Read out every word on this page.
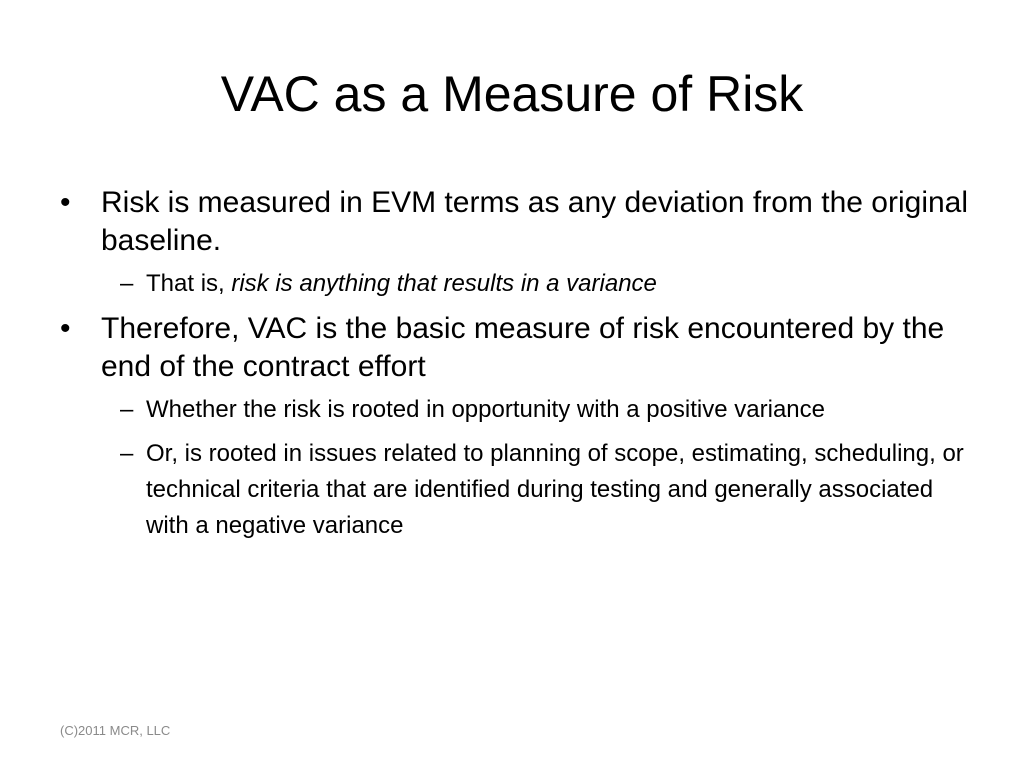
VAC as a Measure of Risk
• Risk is measured in EVM terms as any deviation from the original baseline.
– That is, risk is anything that results in a variance
• Therefore, VAC is the basic measure of risk encountered by the end of the contract effort
– Whether the risk is rooted in opportunity with a positive variance
– Or, is rooted in issues related to planning of scope, estimating, scheduling, or technical criteria that are identified during testing and generally associated with a negative variance
(C)2011 MCR, LLC
